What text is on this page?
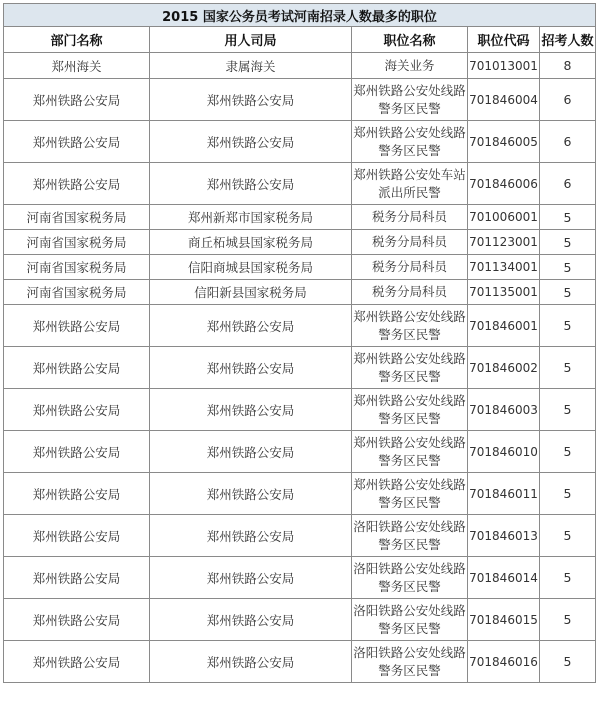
2015 国家公务员考试河南招录人数最多的职位				
部门名称	用人司局	职位名称	职位代码	招考人数
郑州海关	隶属海关	海关业务	701013001	8
郑州铁路公安局	郑州铁路公安局	郑州铁路公安处线路
警务区民警	701846004	6
郑州铁路公安局	郑州铁路公安局	郑州铁路公安处线路
警务区民警	701846005	6
郑州铁路公安局	郑州铁路公安局	郑州铁路公安处车站
派出所民警	701846006	6
河南省国家税务局	郑州新郑市国家税务局	税务分局科员	701006001	5
河南省国家税务局	商丘柘城县国家税务局	税务分局科员	701123001	5
河南省国家税务局	信阳商城县国家税务局	税务分局科员	701134001	5
河南省国家税务局	信阳新县国家税务局	税务分局科员	701135001	5
郑州铁路公安局	郑州铁路公安局	郑州铁路公安处线路
警务区民警	701846001	5
郑州铁路公安局	郑州铁路公安局	郑州铁路公安处线路
警务区民警	701846002	5
郑州铁路公安局	郑州铁路公安局	郑州铁路公安处线路
警务区民警	701846003	5
郑州铁路公安局	郑州铁路公安局	郑州铁路公安处线路
警务区民警	701846010	5
郑州铁路公安局	郑州铁路公安局	郑州铁路公安处线路
警务区民警	701846011	5
郑州铁路公安局	郑州铁路公安局	洛阳铁路公安处线路
警务区民警	701846013	5
郑州铁路公安局	郑州铁路公安局	洛阳铁路公安处线路
警务区民警	701846014	5
郑州铁路公安局	郑州铁路公安局	洛阳铁路公安处线路
警务区民警	701846015	5
郑州铁路公安局	郑州铁路公安局	洛阳铁路公安处线路
警务区民警	701846016	5
